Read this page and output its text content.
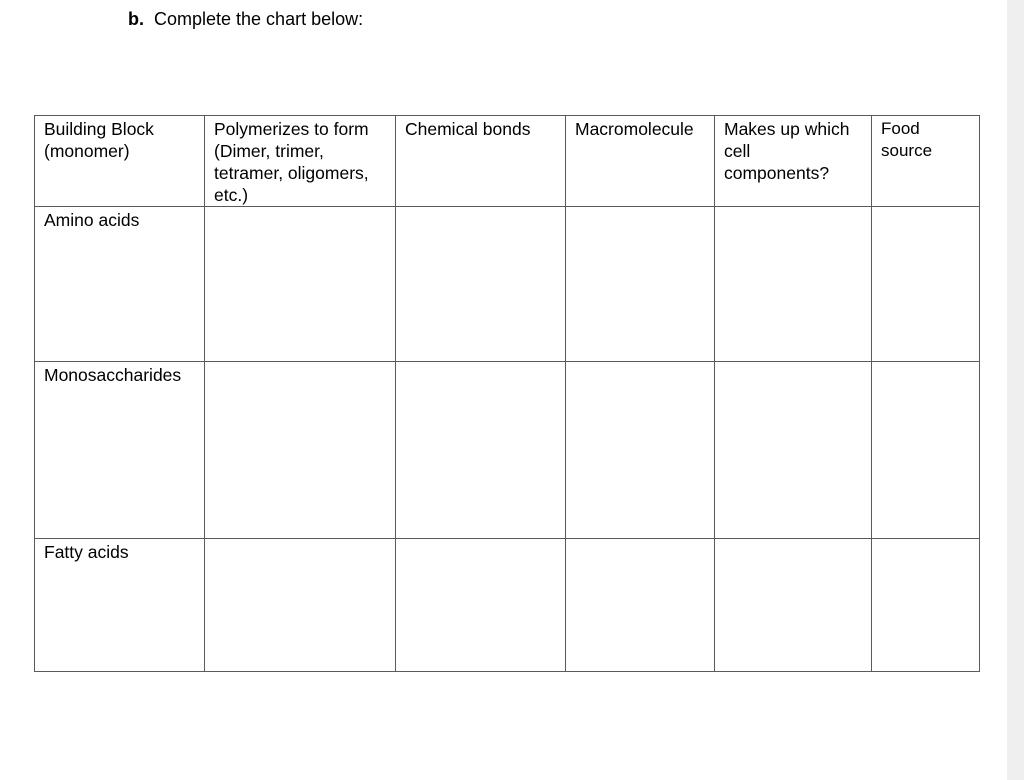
b. Complete the chart below:
Building Block
(monomer)	Polymerizes to form
(Dimer, trimer,
tetramer, oligomers,
etc.)	Chemical bonds	Macromolecule	Makes up which
cell
components?	Food
source
Amino acids					
Monosaccharides					
Fatty acids					
